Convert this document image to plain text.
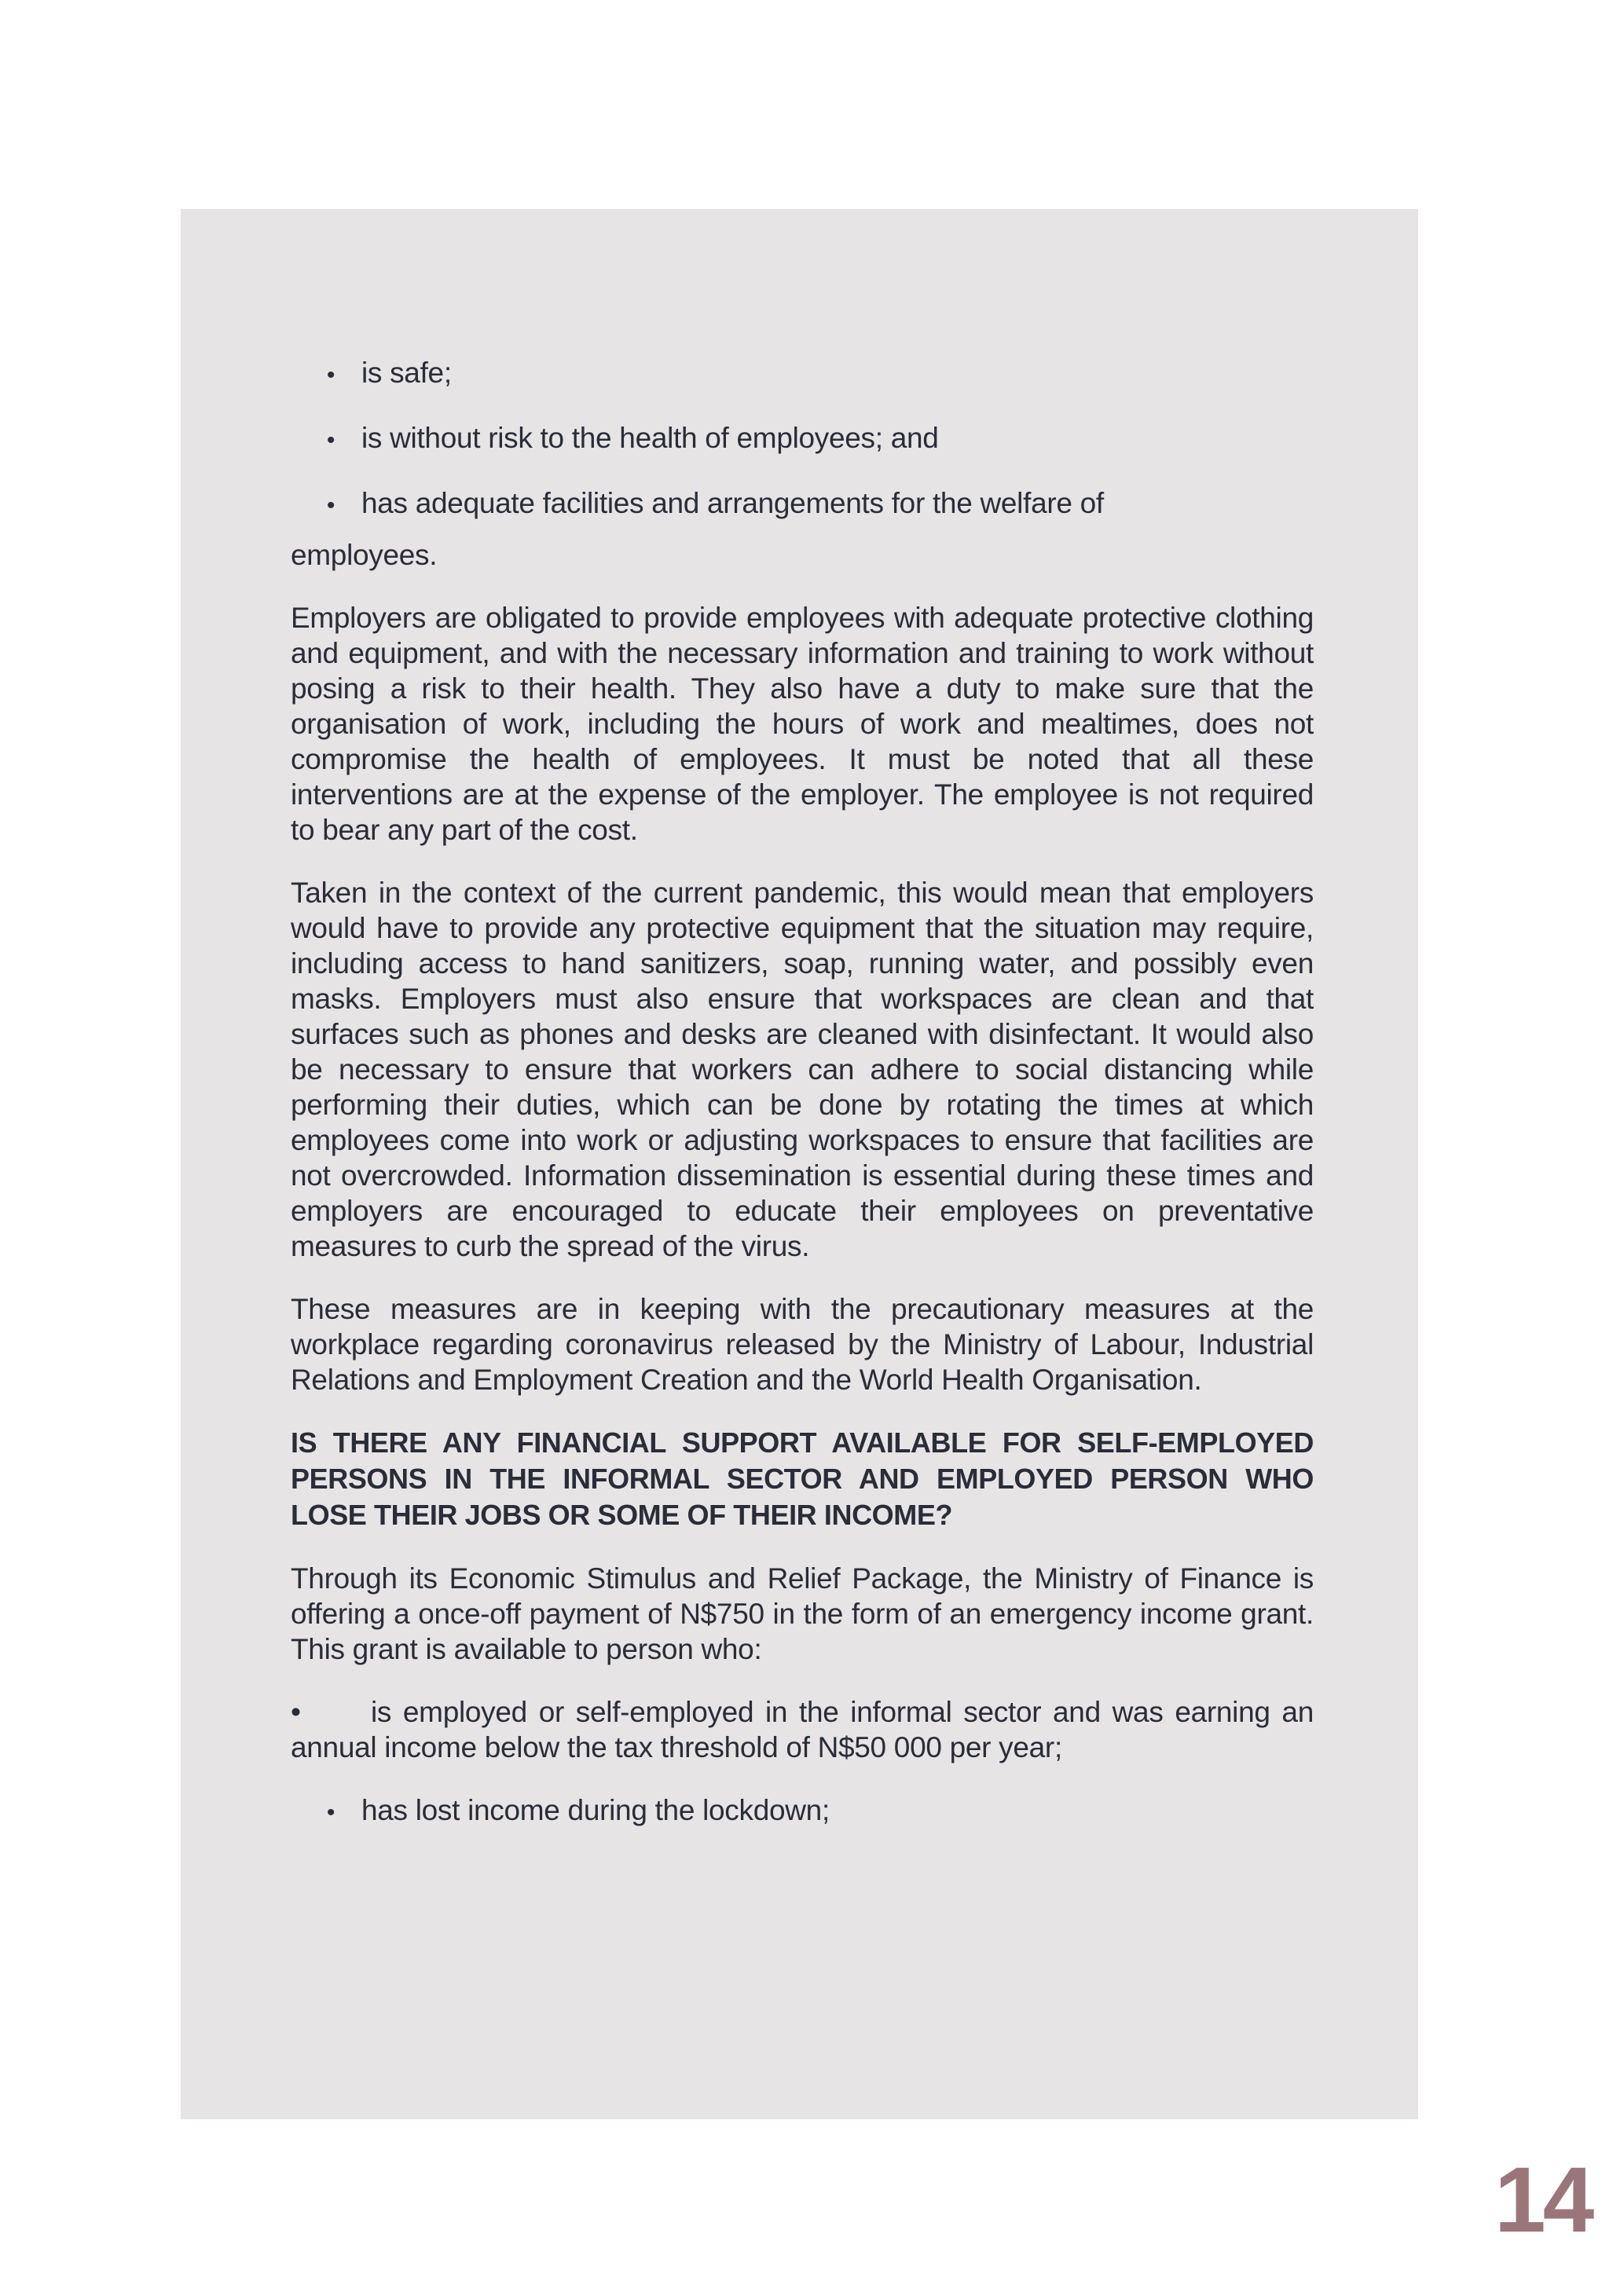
• is safe;
• is without risk to the health of employees; and
• has adequate facilities and arrangements for the welfare of

employees.

Employers are obligated to provide employees with adequate protective clothing and equipment, and with the necessary information and training to work without posing a risk to their health. They also have a duty to make sure that the organisation of work, including the hours of work and mealtimes, does not compromise the health of employees. It must be noted that all these interventions are at the expense of the employer. The employee is not required to bear any part of the cost.

Taken in the context of the current pandemic, this would mean that employers would have to provide any protective equipment that the situation may require, including access to hand sanitizers, soap, running water, and possibly even masks. Employers must also ensure that workspaces are clean and that surfaces such as phones and desks are cleaned with disinfectant. It would also be necessary to ensure that workers can adhere to social distancing while performing their duties, which can be done by rotating the times at which employees come into work or adjusting workspaces to ensure that facilities are not overcrowded. Information dissemination is essential during these times and employers are encouraged to educate their employees on preventative measures to curb the spread of the virus.

These measures are in keeping with the precautionary measures at the workplace regarding coronavirus released by the Ministry of Labour, Industrial Relations and Employment Creation and the World Health Organisation.

IS THERE ANY FINANCIAL SUPPORT AVAILABLE FOR SELF-EMPLOYED PERSONS IN THE INFORMAL SECTOR AND EMPLOYED PERSON WHO LOSE THEIR JOBS OR SOME OF THEIR INCOME?

Through its Economic Stimulus and Relief Package, the Ministry of Finance is offering a once-off payment of N$750 in the form of an emergency income grant. This grant is available to person who:

• is employed or self-employed in the informal sector and was earning an annual income below the tax threshold of N$50 000 per year;

• has lost income during the lockdown;
14
